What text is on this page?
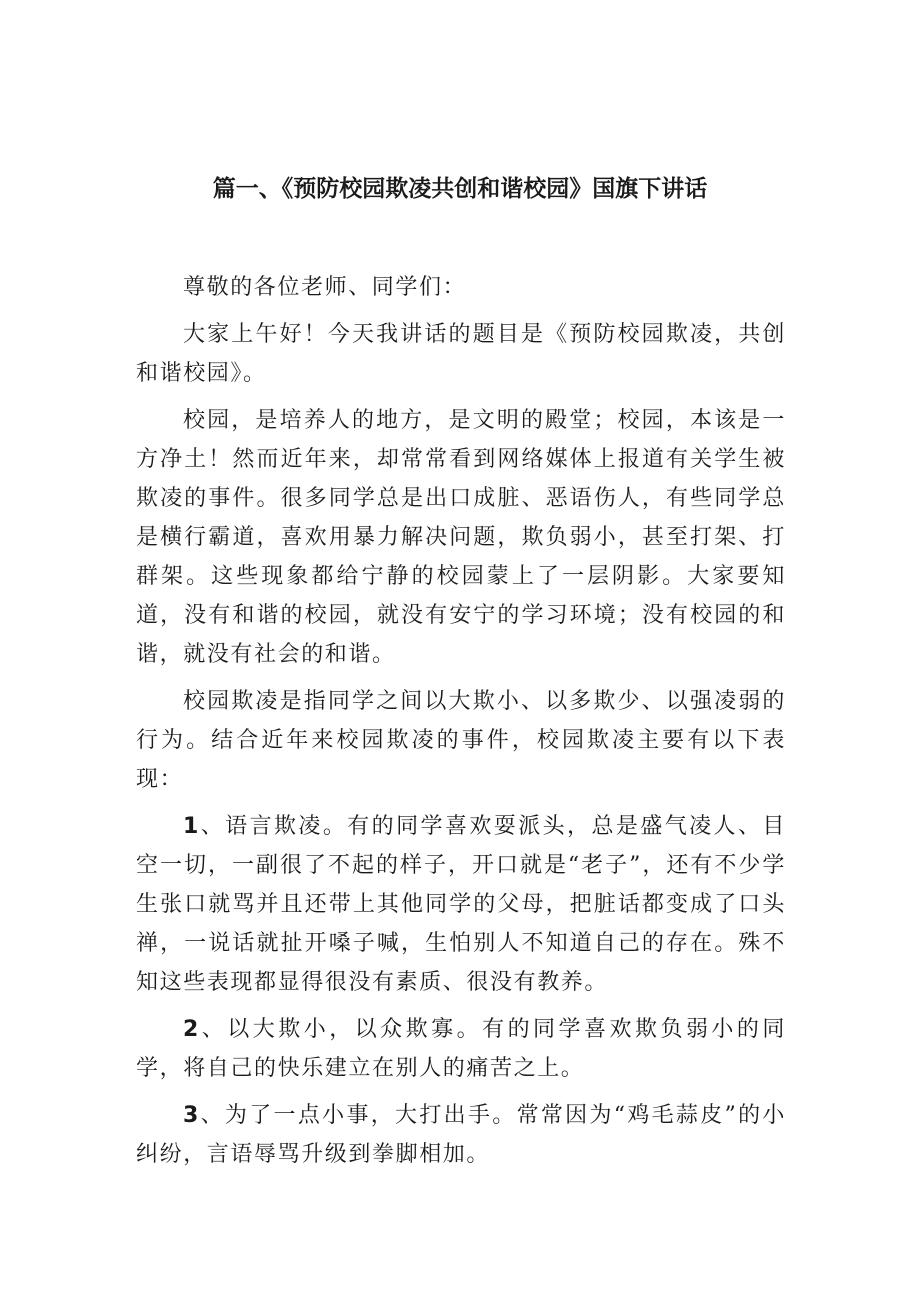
篇一、《预防校园欺凌共创和谐校园》国旗下讲话

尊敬的各位老师、同学们：

大家上午好！今天我讲话的题目是《预防校园欺凌，共创和谐校园》。

校园，是培养人的地方，是文明的殿堂；校园，本该是一方净土！然而近年来，却常常看到网络媒体上报道有关学生被欺凌的事件。很多同学总是出口成脏、恶语伤人，有些同学总是横行霸道，喜欢用暴力解决问题，欺负弱小，甚至打架、打群架。这些现象都给宁静的校园蒙上了一层阴影。大家要知道，没有和谐的校园，就没有安宁的学习环境；没有校园的和谐，就没有社会的和谐。

校园欺凌是指同学之间以大欺小、以多欺少、以强凌弱的行为。结合近年来校园欺凌的事件，校园欺凌主要有以下表现：

1、语言欺凌。有的同学喜欢耍派头，总是盛气凌人、目空一切，一副很了不起的样子，开口就是“老子”，还有不少学生张口就骂并且还带上其他同学的父母，把脏话都变成了口头禅，一说话就扯开嗓子喊，生怕别人不知道自己的存在。殊不知这些表现都显得很没有素质、很没有教养。

2、以大欺小，以众欺寡。有的同学喜欢欺负弱小的同学，将自己的快乐建立在别人的痛苦之上。

3、为了一点小事，大打出手。常常因为“鸡毛蒜皮”的小纠纷，言语辱骂升级到拳脚相加。
